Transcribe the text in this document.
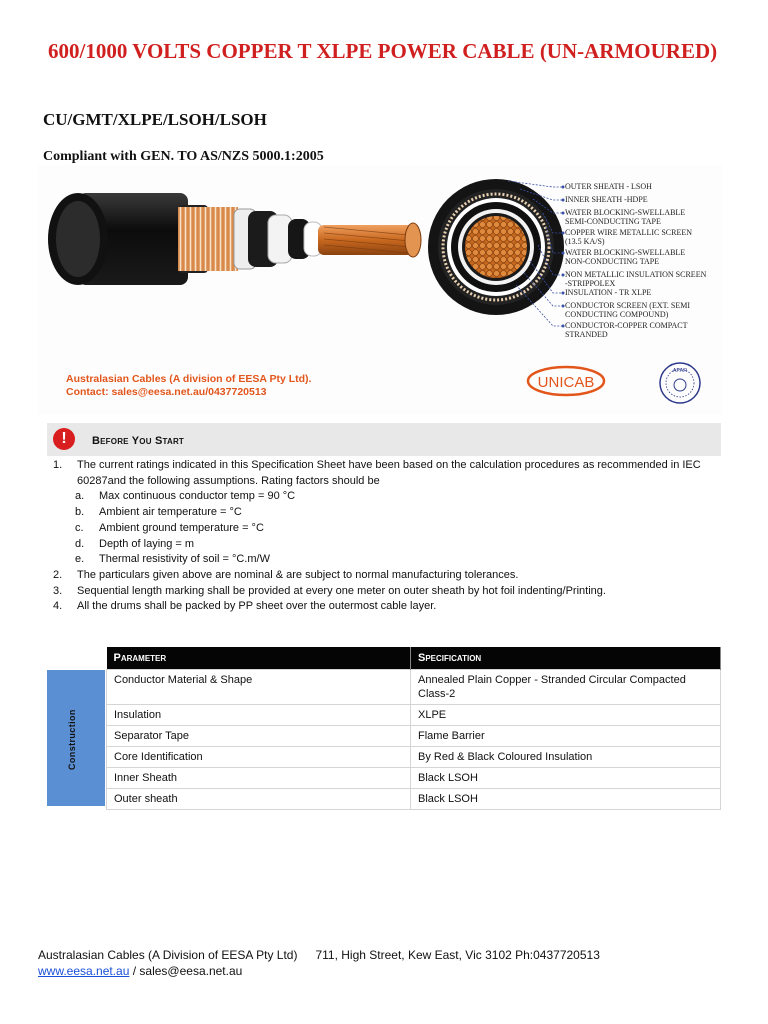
600/1000 VOLTS COPPER T XLPE POWER CABLE (UN-ARMOURED)
CU/GMT/XLPE/LSOH/LSOH
Compliant with GEN. TO AS/NZS 5000.1:2005
OUTER SHEATH - LSOH
INNER SHEATH -HDPE
WATER BLOCKING-SWELLABLE
SEMI-CONDUCTING TAPE
COPPER WIRE METALLIC SCREEN
(13.5 KA/S)
WATER BLOCKING-SWELLABLE
NON-CONDUCTING TAPE
NON METALLIC INSULATION SCREEN
-STRIPPOLEX
INSULATION - TR XLPE
CONDUCTOR SCREEN (EXT. SEMI
CONDUCTING COMPOUND)
CONDUCTOR-COPPER COMPACT
STRANDED
Australasian Cables (A division of EESA Pty Ltd).
Contact: sales@eesa.net.au/0437720513
UNICAB
APAR
!	Before You Start
1. The current ratings indicated in this Specification Sheet have been based on the calculation procedures as recommended in IEC 60287and the following assumptions. Rating factors should be
a. Max continuous conductor temp = 90 °C
b. Ambient air temperature = °C
c. Ambient ground temperature = °C
d. Depth of laying = m
e. Thermal resistivity of soil = °C.m/W
2. The particulars given above are nominal & are subject to normal manufacturing tolerances.
3. Sequential length marking shall be provided at every one meter on outer sheath by hot foil indenting/Printing.
4. All the drums shall be packed by PP sheet over the outermost cable layer.
Construction
Parameter	Specification
Conductor Material & Shape	Annealed Plain Copper - Stranded Circular Compacted Class-2
Insulation	XLPE
Separator Tape	Flame Barrier
Core Identification	By Red & Black Coloured Insulation
Inner Sheath	Black LSOH
Outer sheath	Black LSOH
Australasian Cables (A Division of EESA Pty Ltd) 711, High Street, Kew East, Vic 3102 Ph:0437720513
www.eesa.net.au / sales@eesa.net.au
